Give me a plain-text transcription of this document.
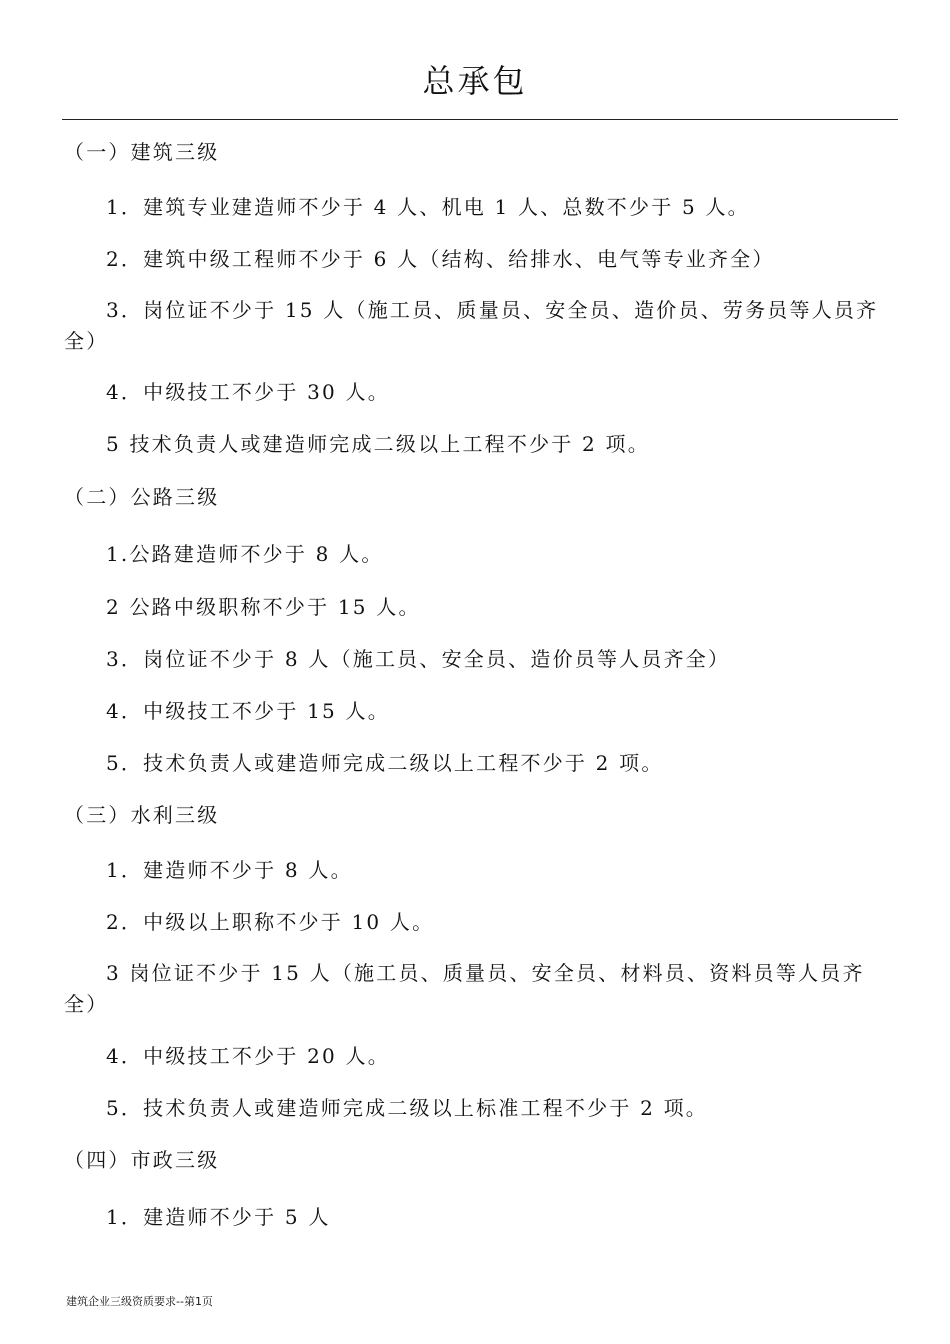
总承包
（一）建筑三级
1．建筑专业建造师不少于 4 人、机电 1 人、总数不少于 5 人。
2．建筑中级工程师不少于 6 人（结构、给排水、电气等专业齐全）
3．岗位证不少于 15 人（施工员、质量员、安全员、造价员、劳务员等人员齐全）
4．中级技工不少于 30 人。
5 技术负责人或建造师完成二级以上工程不少于 2 项。
（二）公路三级
1.公路建造师不少于 8 人。
2 公路中级职称不少于 15 人。
3．岗位证不少于 8 人（施工员、安全员、造价员等人员齐全）
4．中级技工不少于 15 人。
5．技术负责人或建造师完成二级以上工程不少于 2 项。
（三）水利三级
1．建造师不少于 8 人。
2．中级以上职称不少于 10 人。
3 岗位证不少于 15 人（施工员、质量员、安全员、材料员、资料员等人员齐全）
4．中级技工不少于 20 人。
5．技术负责人或建造师完成二级以上标准工程不少于 2 项。
（四）市政三级
1．建造师不少于 5 人
建筑企业三级资质要求--第1页
